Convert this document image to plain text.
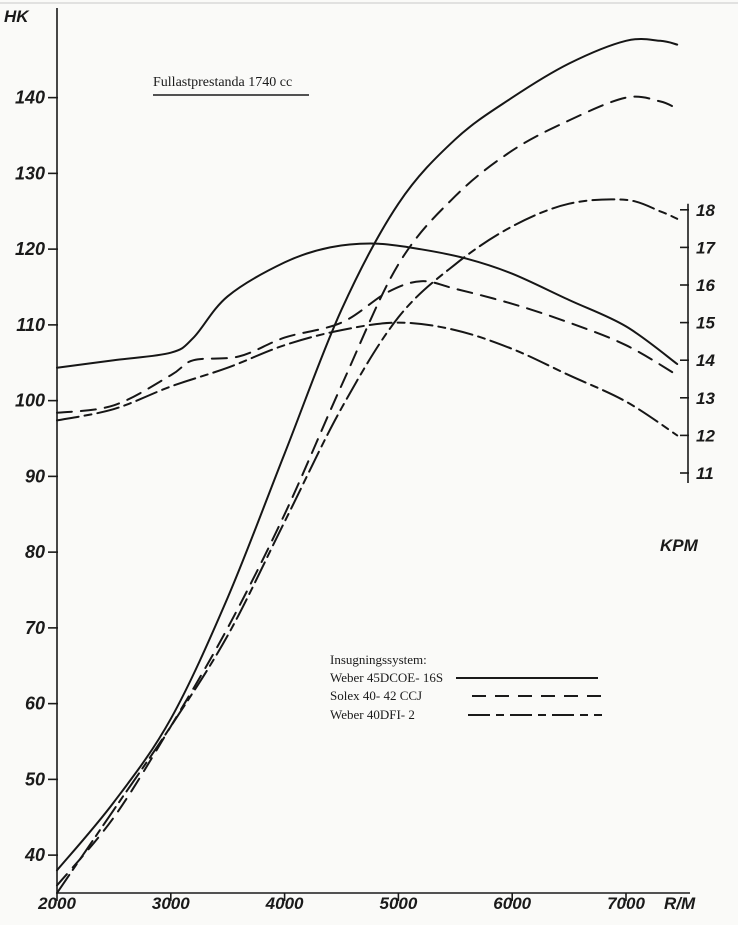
HK
R/M
KPM
Fullastprestanda 1740 cc
Insugningssystem:
Weber 45DCOE- 16S
Solex 40- 42 CCJ
Weber 40DFI- 2
40
50
60
70
80
90
100
110
120
130
140
2000	3000	4000	5000	6000	7000
11
12
13
14
15
16
17
18
